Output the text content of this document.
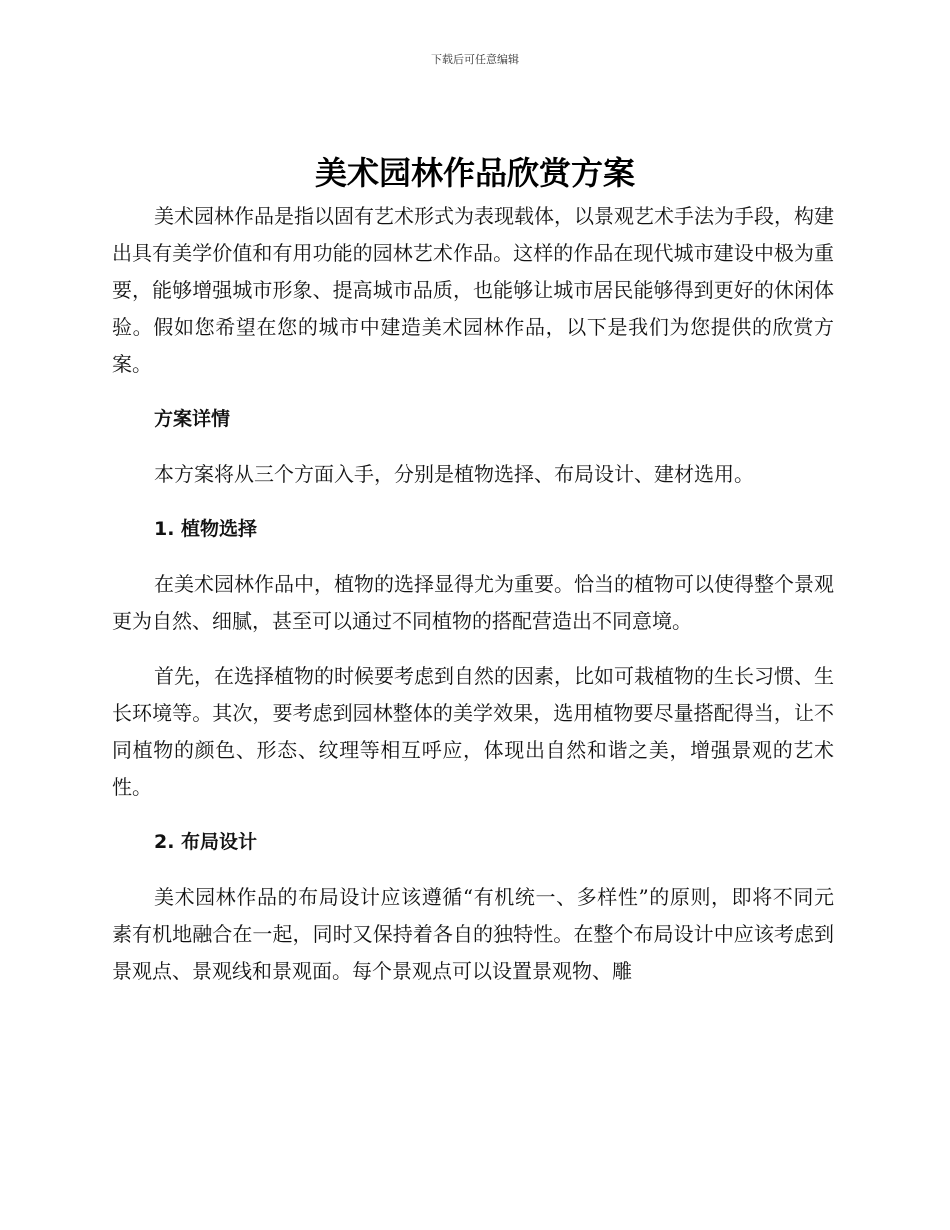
下载后可任意编辑
美术园林作品欣赏方案

美术园林作品是指以固有艺术形式为表现载体，以景观艺术手法为手段，构建出具有美学价值和有用功能的园林艺术作品。这样的作品在现代城市建设中极为重要，能够增强城市形象、提高城市品质，也能够让城市居民能够得到更好的休闲体验。假如您希望在您的城市中建造美术园林作品，以下是我们为您提供的欣赏方案。

方案详情

本方案将从三个方面入手，分别是植物选择、布局设计、建材选用。

1. 植物选择

在美术园林作品中，植物的选择显得尤为重要。恰当的植物可以使得整个景观更为自然、细腻，甚至可以通过不同植物的搭配营造出不同意境。

首先，在选择植物的时候要考虑到自然的因素，比如可栽植物的生长习惯、生长环境等。其次，要考虑到园林整体的美学效果，选用植物要尽量搭配得当，让不同植物的颜色、形态、纹理等相互呼应，体现出自然和谐之美，增强景观的艺术性。

2. 布局设计

美术园林作品的布局设计应该遵循“有机统一、多样性”的原则，即将不同元素有机地融合在一起，同时又保持着各自的独特性。在整个布局设计中应该考虑到景观点、景观线和景观面。每个景观点可以设置景观物、雕
